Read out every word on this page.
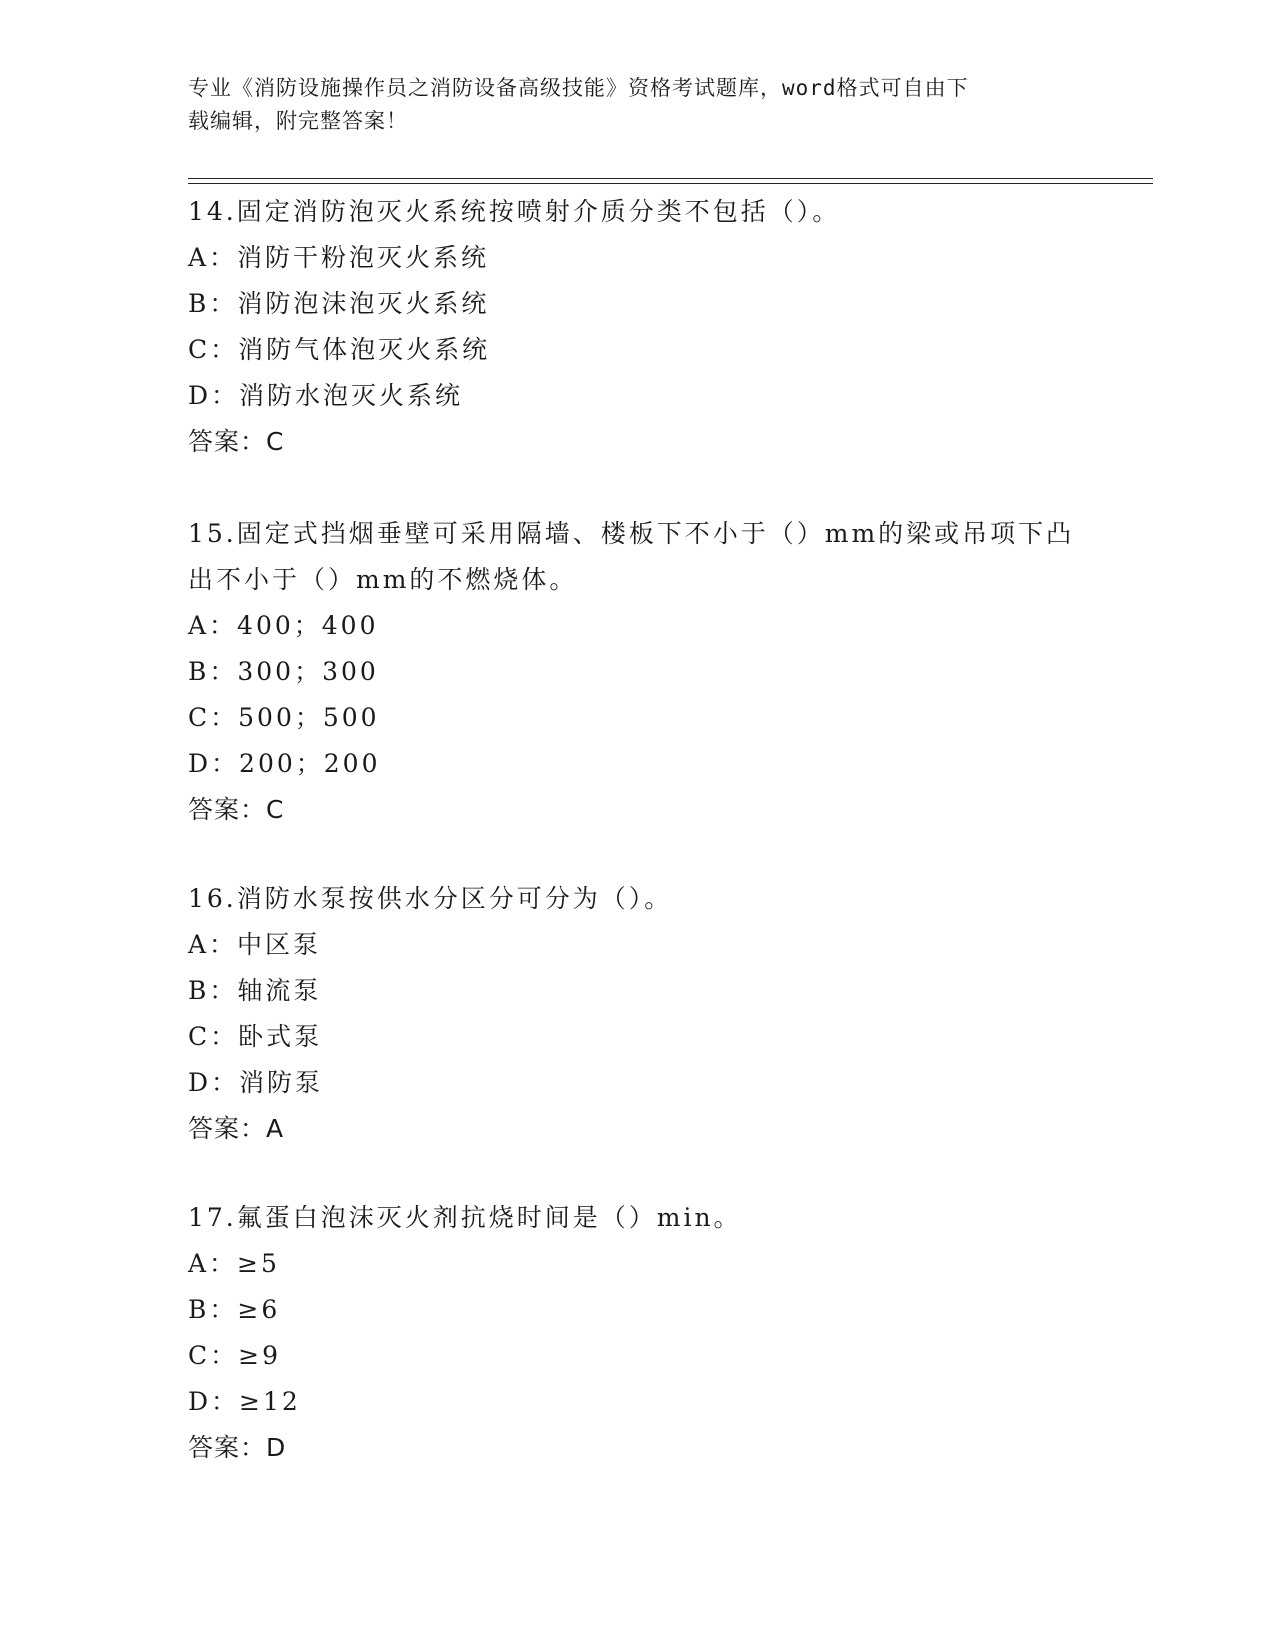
专业《消防设施操作员之消防设备高级技能》资格考试题库，word格式可自由下
载编辑，附完整答案！
14.固定消防泡灭火系统按喷射介质分类不包括（）。
A：消防干粉泡灭火系统
B：消防泡沫泡灭火系统
C：消防气体泡灭火系统
D：消防水泡灭火系统
答案：C
15.固定式挡烟垂壁可采用隔墙、楼板下不小于（）mm的梁或吊项下凸
出不小于（）mm的不燃烧体。
A：400；400
B：300；300
C：500；500
D：200；200
答案：C
16.消防水泵按供水分区分可分为（）。
A：中区泵
B：轴流泵
C：卧式泵
D：消防泵
答案：A
17.氟蛋白泡沫灭火剂抗烧时间是（）min。
A：≥5
B：≥6
C：≥9
D：≥12
答案：D
